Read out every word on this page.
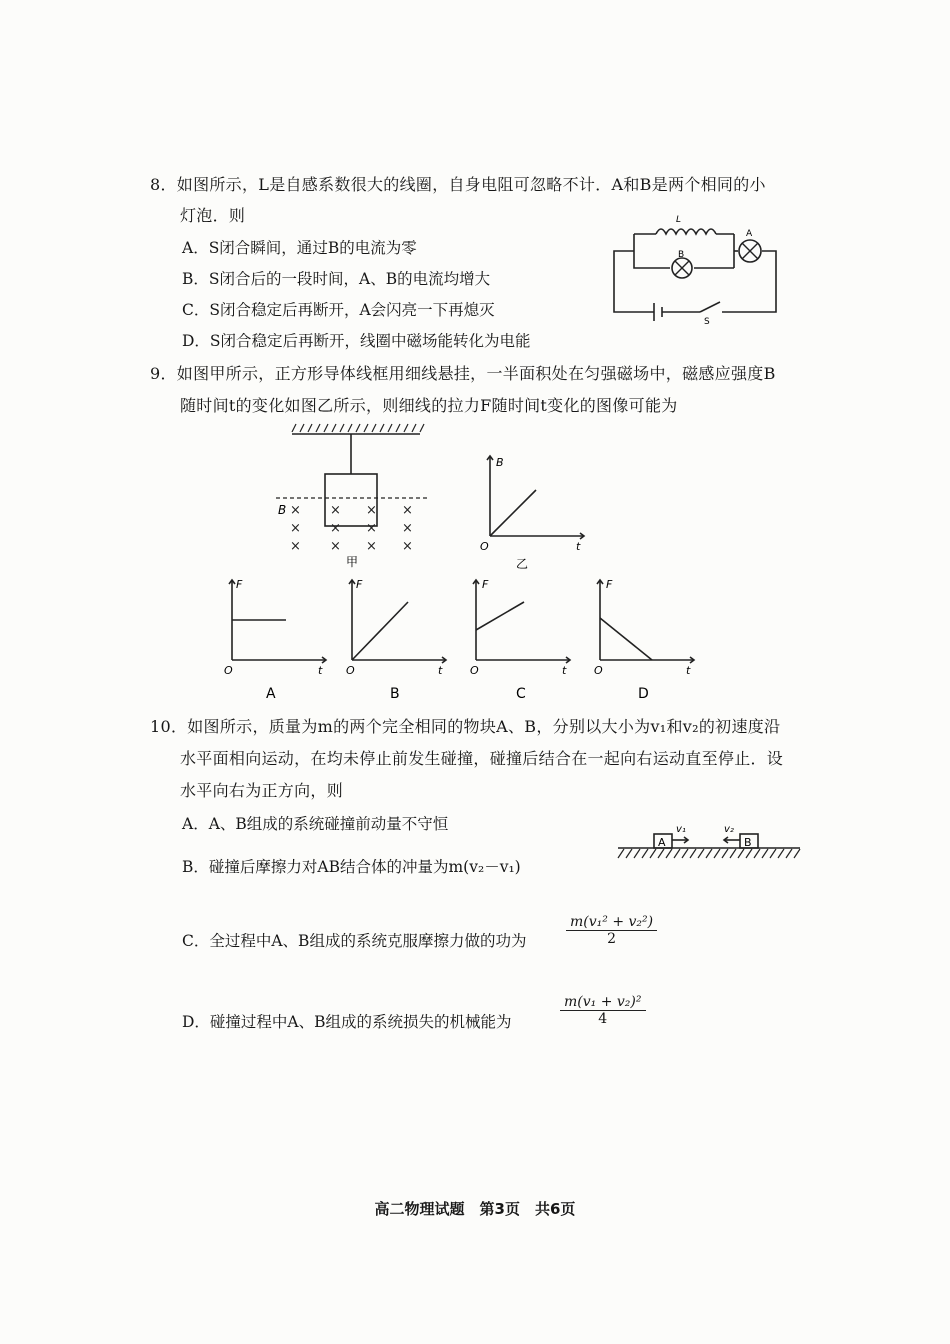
8．如图所示，L是自感系数很大的线圈，自身电阻可忽略不计．A和B是两个相同的小
灯泡．则
A．S闭合瞬间，通过B的电流为零
B．S闭合后的一段时间，A、B的电流均增大
C．S闭合稳定后再断开，A会闪亮一下再熄灭
D．S闭合稳定后再断开，线圈中磁场能转化为电能
L
B
A
S
9．如图甲所示，正方形导体线框用细线悬挂，一半面积处在匀强磁场中，磁感应强度B
随时间t的变化如图乙所示，则细线的拉力F随时间t变化的图像可能为
× × × ×
× × × ×
× × × ×
B
甲
B
t
O
乙
F
t
O
A
F
t
O
B
F
t
O
C
F
t
O
D
10．如图所示，质量为m的两个完全相同的物块A、B，分别以大小为v₁和v₂的初速度沿
水平面相向运动，在均未停止前发生碰撞，碰撞后结合在一起向右运动直至停止．设
水平向右为正方向，则
A．A、B组成的系统碰撞前动量不守恒
B．碰撞后摩擦力对AB结合体的冲量为m(v₂－v₁)
A	B
v₁	v₂
C．全过程中A、B组成的系统克服摩擦力做的功为	$\frac{\text{m(v₁² + v₂²)}}{2}$
D．碰撞过程中A、B组成的系统损失的机械能为	$\frac{\text{m(v₁ + v₂)²}}{4}$
高二物理试题　第3页　共6页
